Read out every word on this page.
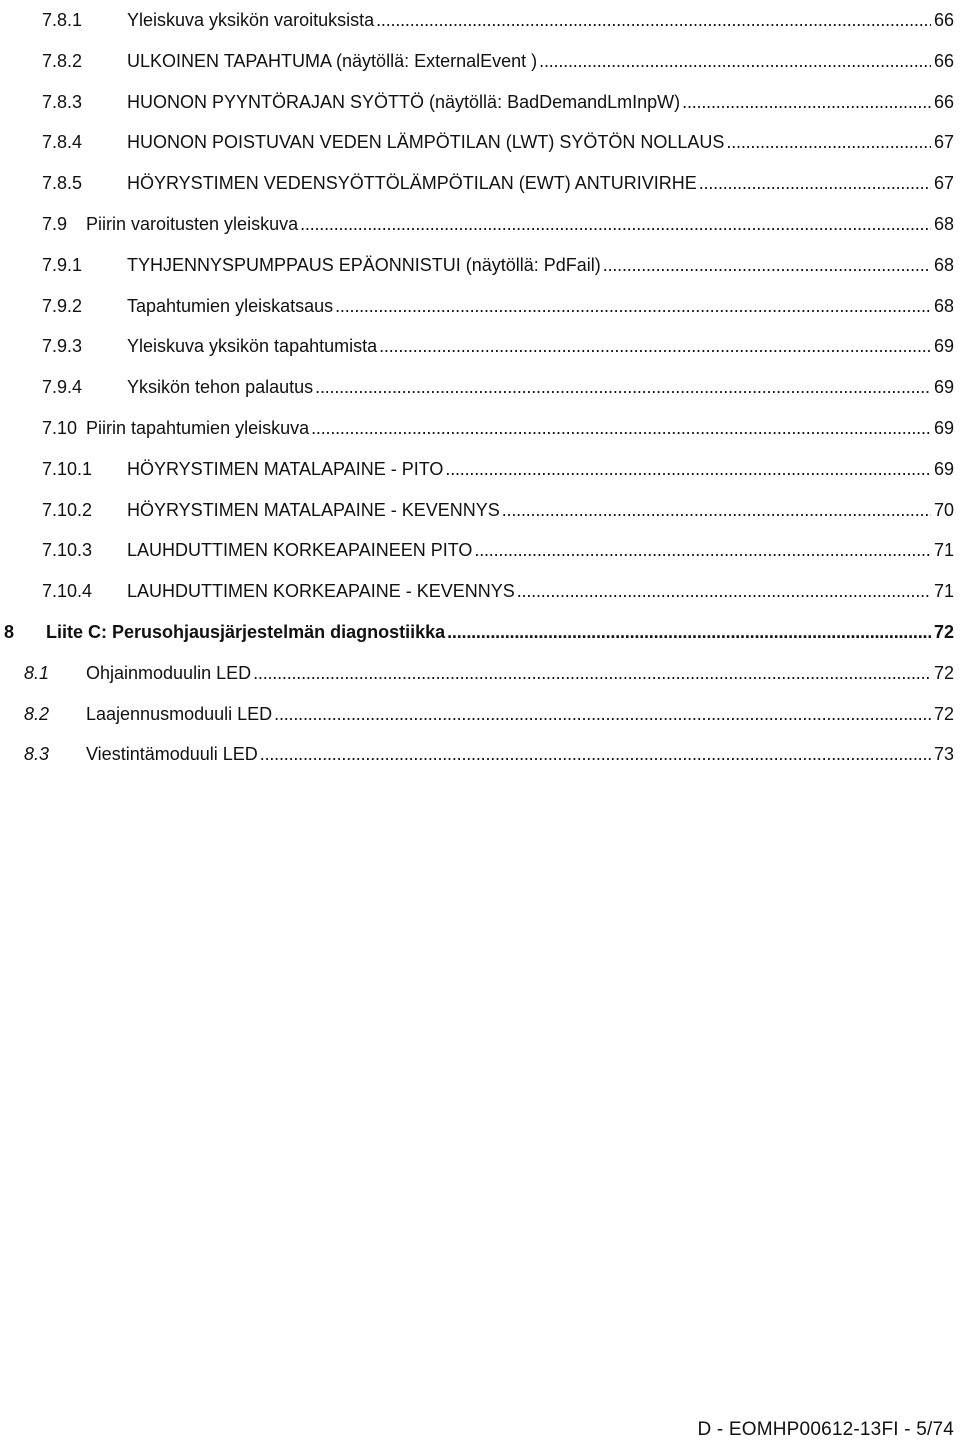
7.8.1 Yleiskuva yksikön varoituksista . . .	66
7.8.2 ULKOINEN TAPAHTUMA (näytöllä: ExternalEvent ) . . .	66
7.8.3 HUONON PYYNTÖRAJAN SYÖTTÖ (näytöllä: BadDemandLmInpW) . . .	66
7.8.4 HUONON POISTUVAN VEDEN LÄMPÖTILAN (LWT) SYÖTÖN NOLLAUS . . .	67
7.8.5 HÖYRYSTIMEN VEDENSYÖTTÖLÄMPÖTILAN (EWT) ANTURIVIRHE . . .	67
7.9 Piirin varoitusten yleiskuva . . .	68
7.9.1 TYHJENNYSPUMPPAUS EPÄONNISTUI (näytöllä: PdFail) . . .	68
7.9.2 Tapahtumien yleiskatsaus . . .	68
7.9.3 Yleiskuva yksikön tapahtumista . . .	69
7.9.4 Yksikön tehon palautus . . .	69
7.10 Piirin tapahtumien yleiskuva . . .	69
7.10.1 HÖYRYSTIMEN MATALAPAINE - PITO . . .	69
7.10.2 HÖYRYSTIMEN MATALAPAINE - KEVENNYS . . .	70
7.10.3 LAUHDUTTIMEN KORKEAPAINEEN PITO . . .	71
7.10.4 LAUHDUTTIMEN KORKEAPAINE - KEVENNYS . . .	71
8 Liite C: Perusohjausjärjestelmän diagnostiikka . . .	72
8.1 Ohjainmoduulin LED . . .	72
8.2 Laajennusmoduuli LED . . .	72
8.3 Viestintämoduuli LED . . .	73
D - EOMHP00612-13FI - 5/74
